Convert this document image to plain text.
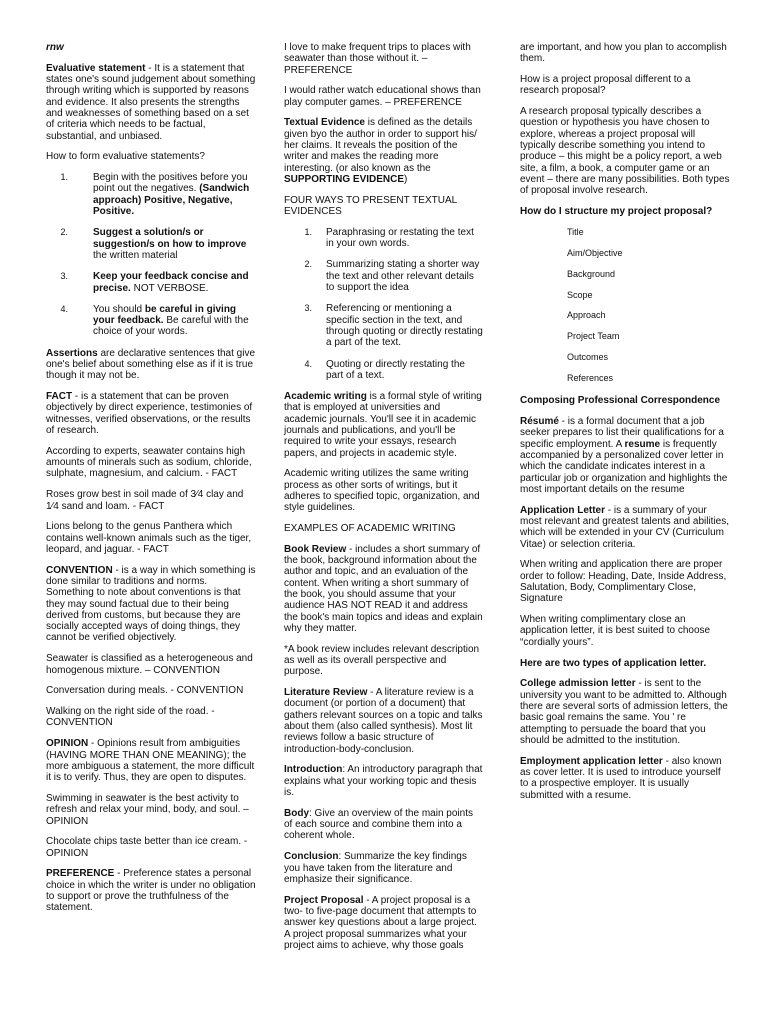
rnw

Evaluative statement - It is a statement that states one's sound judgement about something through writing which is supported by reasons and evidence. It also presents the strengths and weaknesses of something based on a set of criteria which needs to be factual, substantial, and unbiased.

How to form evaluative statements?

1.	Begin with the positives before you point out the negatives. (Sandwich approach) Positive, Negative, Positive.
2.	Suggest a solution/s or suggestion/s on how to improve the written material
3.	Keep your feedback concise and precise. NOT VERBOSE.
4.	You should be careful in giving your feedback. Be careful with the choice of your words.

Assertions are declarative sentences that give one's belief about something else as if it is true though it may not be.

FACT - is a statement that can be proven objectively by direct experience, testimonies of witnesses, verified observations, or the results of research.

According to experts, seawater contains high amounts of minerals such as sodium, chloride, sulphate, magnesium, and calcium. - FACT

Roses grow best in soil made of 3⁄4 clay and 1⁄4 sand and loam. - FACT

Lions belong to the genus Panthera which contains well-known animals such as the tiger, leopard, and jaguar. - FACT

CONVENTION - is a way in which something is done similar to traditions and norms. Something to note about conventions is that they may sound factual due to their being derived from customs, but because they are socially accepted ways of doing things, they cannot be verified objectively.

Seawater is classified as a heterogeneous and homogenous mixture. – CONVENTION

Conversation during meals. - CONVENTION

Walking on the right side of the road. - CONVENTION

OPINION - Opinions result from ambiguities (HAVING MORE THAN ONE MEANING); the more ambiguous a statement, the more difficult it is to verify. Thus, they are open to disputes.

Swimming in seawater is the best activity to refresh and relax your mind, body, and soul. – OPINION

Chocolate chips taste better than ice cream. - OPINION

PREFERENCE - Preference states a personal choice in which the writer is under no obligation to support or prove the truthfulness of the statement.

I love to make frequent trips to places with seawater than those without it. – PREFERENCE

I would rather watch educational shows than play computer games. – PREFERENCE

Textual Evidence is defined as the details given byo the author in order to support his/ her claims. It reveals the position of the writer and makes the reading more interesting. (or also known as the SUPPORTING EVIDENCE)

FOUR WAYS TO PRESENT TEXTUAL EVIDENCES

1. Paraphrasing or restating the text in your own words.
2. Summarizing stating a shorter way the text and other relevant details to support the idea
3. Referencing or mentioning a specific section in the text, and through quoting or directly restating a part of the text.
4. Quoting or directly restating the part of a text.

Academic writing is a formal style of writing that is employed at universities and academic journals. You'll see it in academic journals and publications, and you'll be required to write your essays, research papers, and projects in academic style.

Academic writing utilizes the same writing process as other sorts of writings, but it adheres to specified topic, organization, and style guidelines.

EXAMPLES OF ACADEMIC WRITING

Book Review - includes a short summary of the book, background information about the author and topic, and an evaluation of the content. When writing a short summary of the book, you should assume that your audience HAS NOT READ it and address the book's main topics and ideas and explain why they matter.

*A book review includes relevant description as well as its overall perspective and purpose.

Literature Review - A literature review is a document (or portion of a document) that gathers relevant sources on a topic and talks about them (also called synthesis). Most lit reviews follow a basic structure of introduction-body-conclusion.

Introduction: An introductory paragraph that explains what your working topic and thesis is.

Body: Give an overview of the main points of each source and combine them into a coherent whole.

Conclusion: Summarize the key findings you have taken from the literature and emphasize their significance.

Project Proposal - A project proposal is a two- to five-page document that attempts to answer key questions about a large project. A project proposal summarizes what your project aims to achieve, why those goals

are important, and how you plan to accomplish them.

How is a project proposal different to a research proposal?

A research proposal typically describes a question or hypothesis you have chosen to explore, whereas a project proposal will typically describe something you intend to produce – this might be a policy report, a web site, a film, a book, a computer game or an event – there are many possibilities. Both types of proposal involve research.

How do I structure my project proposal?

Title
Aim/Objective
Background
Scope
Approach
Project Team
Outcomes
References

Composing Professional Correspondence

Résumé - is a formal document that a job seeker prepares to list their qualifications for a specific employment. A resume is frequently accompanied by a personalized cover letter in which the candidate indicates interest in a particular job or organization and highlights the most important details on the resume

Application Letter - is a summary of your most relevant and greatest talents and abilities, which will be extended in your CV (Curriculum Vitae) or selection criteria.

When writing and application there are proper order to follow: Heading, Date, Inside Address, Salutation, Body, Complimentary Close, Signature

When writing complimentary close an application letter, it is best suited to choose “cordially yours”.

Here are two types of application letter.

College admission letter - is sent to the university you want to be admitted to. Although there are several sorts of admission letters, the basic goal remains the same. You ' re attempting to persuade the board that you should be admitted to the institution.

Employment application letter - also known as cover letter. It is used to introduce yourself to a prospective employer. It is usually submitted with a resume.
